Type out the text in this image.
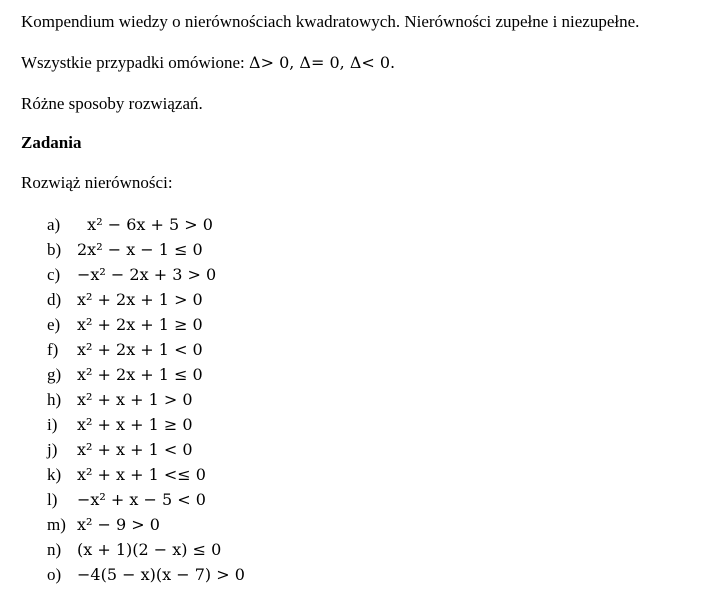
Kompendium wiedzy o nierównościach kwadratowych. Nierówności zupełne i niezupełne.

Wszystkie przypadki omówione: Δ> 0, Δ= 0, Δ< 0.

Różne sposoby rozwiązań.

Zadania

Rozwiąż nierówności:

a)	x² − 6x + 5 > 0
b) 2x² − x − 1 ≤ 0
c)	−x² − 2x + 3 > 0
d) x² + 2x + 1 > 0
e)	x² + 2x + 1 ≥ 0
f)	x² + 2x + 1 < 0
g) x² + 2x + 1 ≤ 0
h) x² + x + 1 > 0
i)	x² + x + 1 ≥ 0
j)	x² + x + 1 < 0
k) x² + x + 1 <≤ 0
l)	−x² + x − 5 < 0
m) x² − 9 > 0
n) (x + 1)(2 − x) ≤ 0
o) −4(5 − x)(x − 7) > 0
